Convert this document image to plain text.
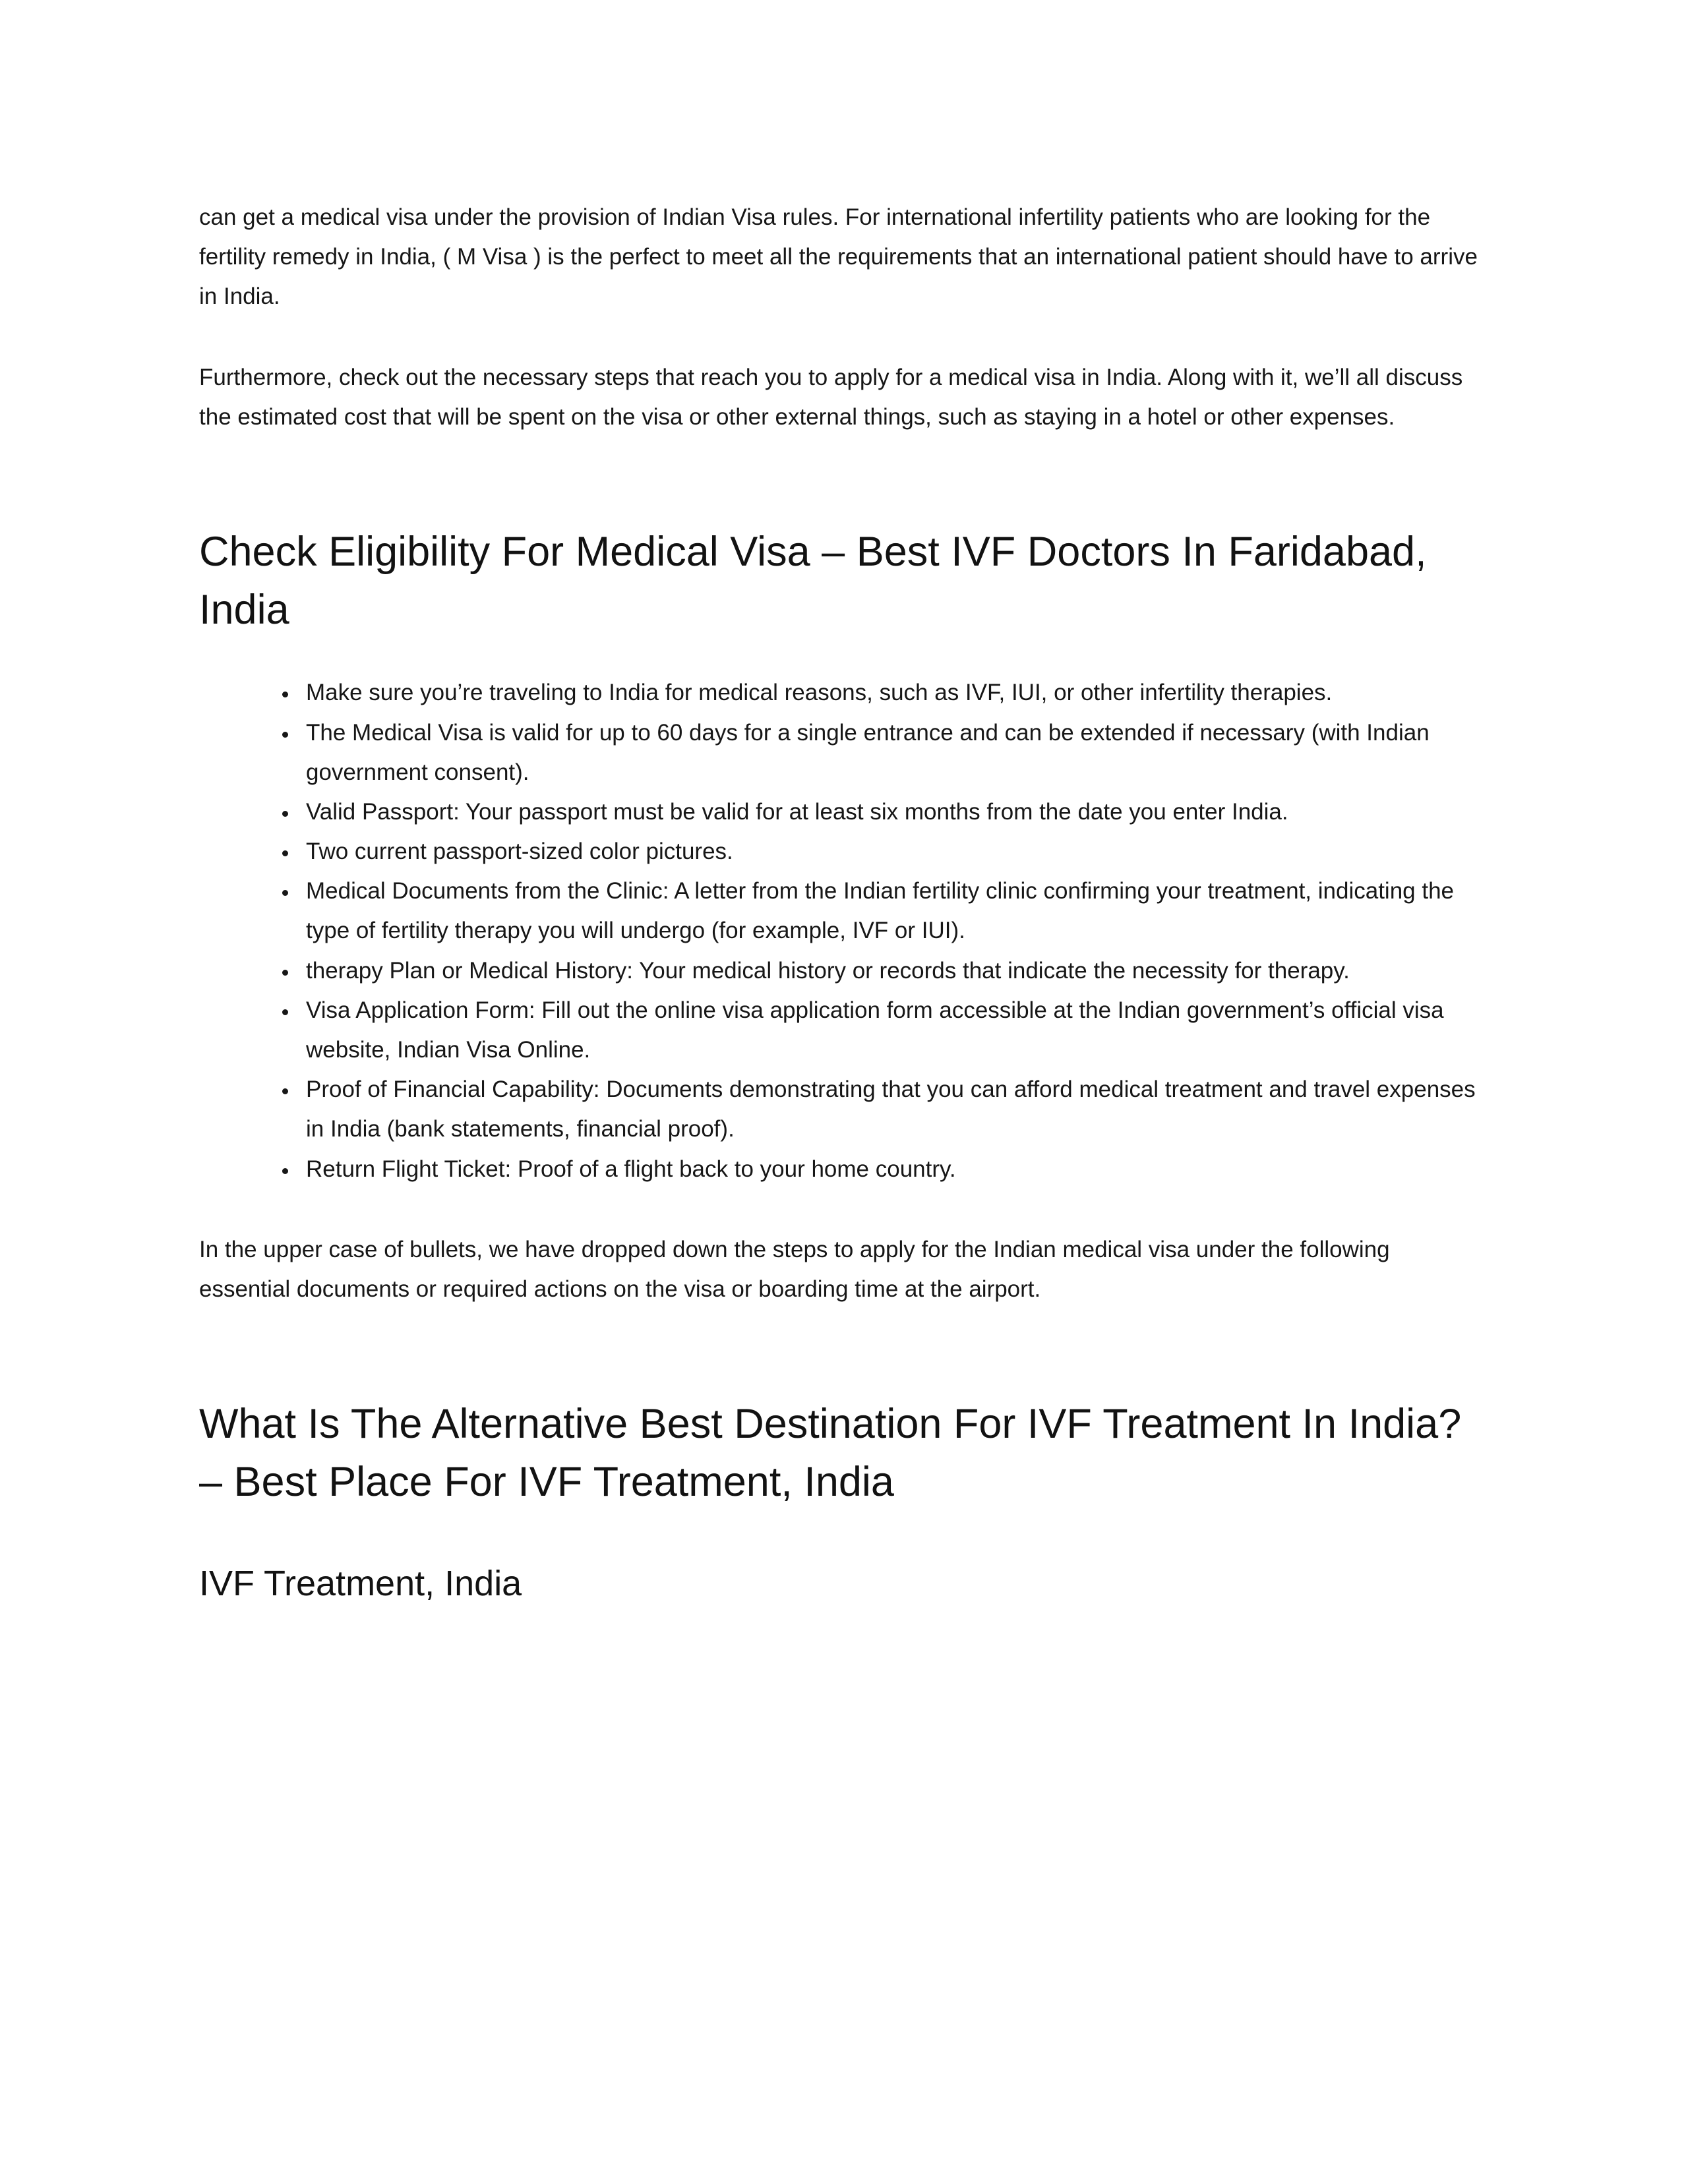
can get a medical visa under the provision of Indian Visa rules. For international infertility patients who are looking for the fertility remedy in India, ( M Visa ) is the perfect to meet all the requirements that an international patient should have to arrive in India.

Furthermore, check out the necessary steps that reach you to apply for a medical visa in India. Along with it, we’ll all discuss the estimated cost that will be spent on the visa or other external things, such as staying in a hotel or other expenses.

Check Eligibility For Medical Visa – Best IVF Doctors In Faridabad, India
• Make sure you’re traveling to India for medical reasons, such as IVF, IUI, or other infertility therapies.
• The Medical Visa is valid for up to 60 days for a single entrance and can be extended if necessary (with Indian government consent).
• Valid Passport: Your passport must be valid for at least six months from the date you enter India.
• Two current passport-sized color pictures.
• Medical Documents from the Clinic: A letter from the Indian fertility clinic confirming your treatment, indicating the type of fertility therapy you will undergo (for example, IVF or IUI).
• therapy Plan or Medical History: Your medical history or records that indicate the necessity for therapy.
• Visa Application Form: Fill out the online visa application form accessible at the Indian government’s official visa website, Indian Visa Online.
• Proof of Financial Capability: Documents demonstrating that you can afford medical treatment and travel expenses in India (bank statements, financial proof).
• Return Flight Ticket: Proof of a flight back to your home country.

In the upper case of bullets, we have dropped down the steps to apply for the Indian medical visa under the following essential documents or required actions on the visa or boarding time at the airport.

What Is The Alternative Best Destination For IVF Treatment In India? – Best Place For IVF Treatment, India
IVF Treatment, India
